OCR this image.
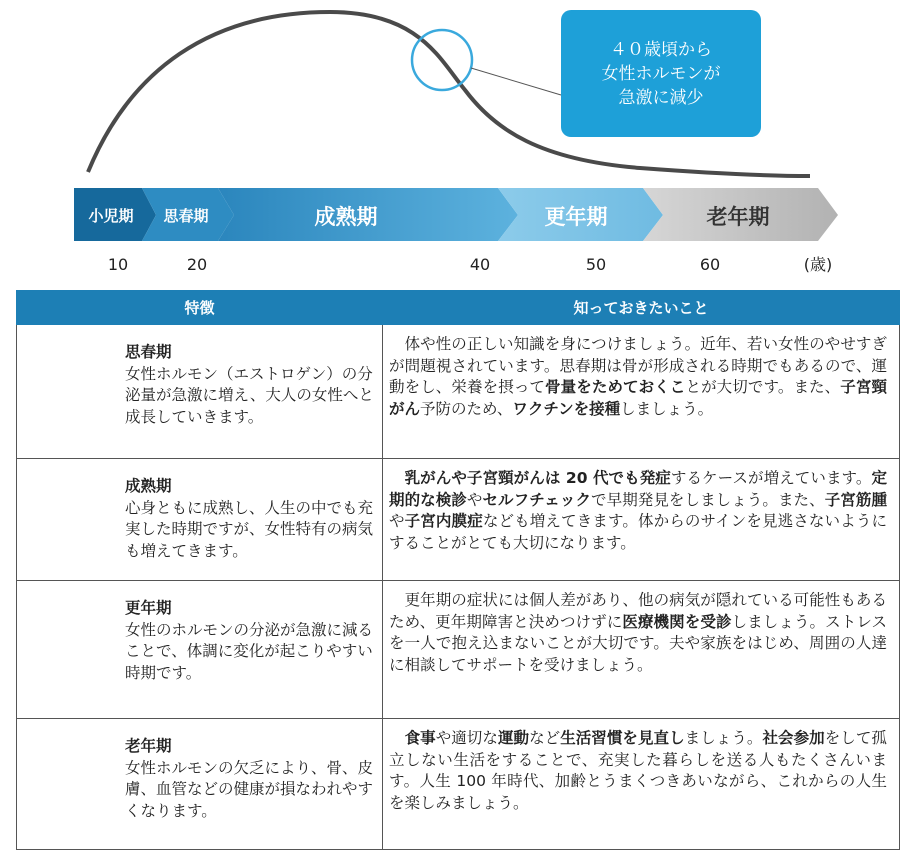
小児期 思春期	成熟期	更年期	老年期
10	20	40	50	60	(歳)
４０歳頃から
女性ホルモンが
急激に減少
特徴	知っておきたいこと

思春期
女性ホルモン（エストロゲン）の分泌量が急激に増え、大人の女性へと成長していきます。	　体や性の正しい知識を身につけましょう。近年、若い女性のやせすぎが問題視されています。思春期は骨が形成される時期でもあるので、運動をし、栄養を摂って骨量をためておくことが大切です。また、子宮頸がん予防のため、ワクチンを接種しましょう。

成熟期
心身ともに成熟し、人生の中でも充実した時期ですが、女性特有の病気も増えてきます。
	　乳がんや子宮頸がんは 20 代でも発症するケースが増えています。定期的な検診やセルフチェックで早期発見をしましょう。また、子宮筋腫や子宮内膜症なども増えてきます。体からのサインを見逃さないようにすることがとても大切になります。

更年期
女性のホルモンの分泌が急激に減ることで、体調に変化が起こりやすい時期です。	　更年期の症状には個人差があり、他の病気が隠れている可能性もあるため、更年期障害と決めつけずに医療機関を受診しましょう。ストレスを一人で抱え込まないことが大切です。夫や家族をはじめ、周囲の人達に相談してサポートを受けましょう。

老年期
女性ホルモンの欠乏により、骨、皮膚、血管などの健康が損なわれやすくなります。
	　食事や適切な運動など生活習慣を見直しましょう。社会参加をして孤立しない生活をすることで、充実した暮らしを送る人もたくさんいます。人生 100 年時代、加齢とうまくつきあいながら、これからの人生を楽しみましょう。
